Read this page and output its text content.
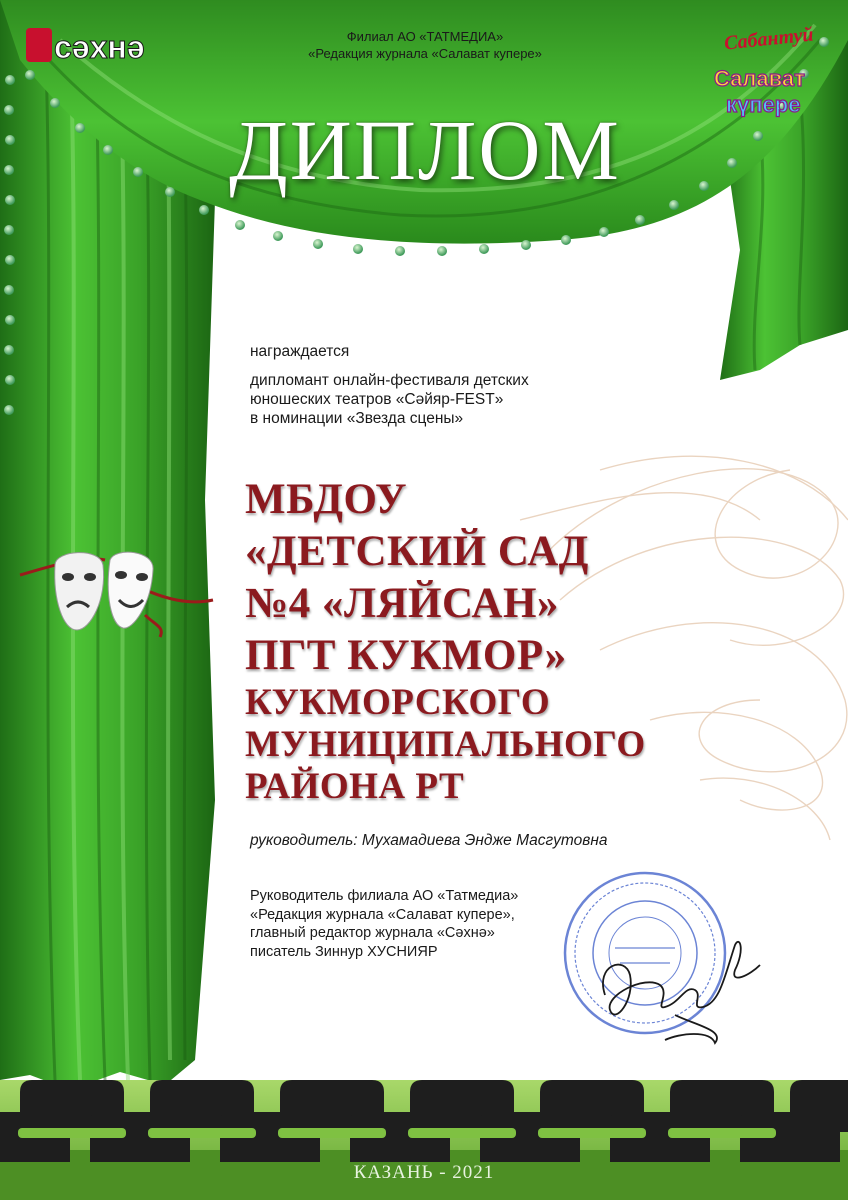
сәхнә	Сабантуй
Салават
күпере
Филиал АО «ТАТМЕДИА»
«Редакция журнала «Салават купере»
ДИПЛОМ
награждается
дипломант онлайн-фестиваля детских
юношеских театров «Сәйяр-FEST»
в номинации «Звезда сцены»
МБДОУ
«ДЕТСКИЙ САД
№4 «ЛЯЙСАН»
ПГТ КУКМОР»
КУКМОРСКОГО
МУНИЦИПАЛЬНОГО
РАЙОНА РТ
руководитель: Мухамадиева Эндже Масгутовна
Руководитель филиала АО «Татмедиа»
«Редакция журнала «Салават купере»,
главный редактор журнала «Сәхнә»
писатель Зиннур ХУСНИЯР
КАЗАНЬ - 2021
